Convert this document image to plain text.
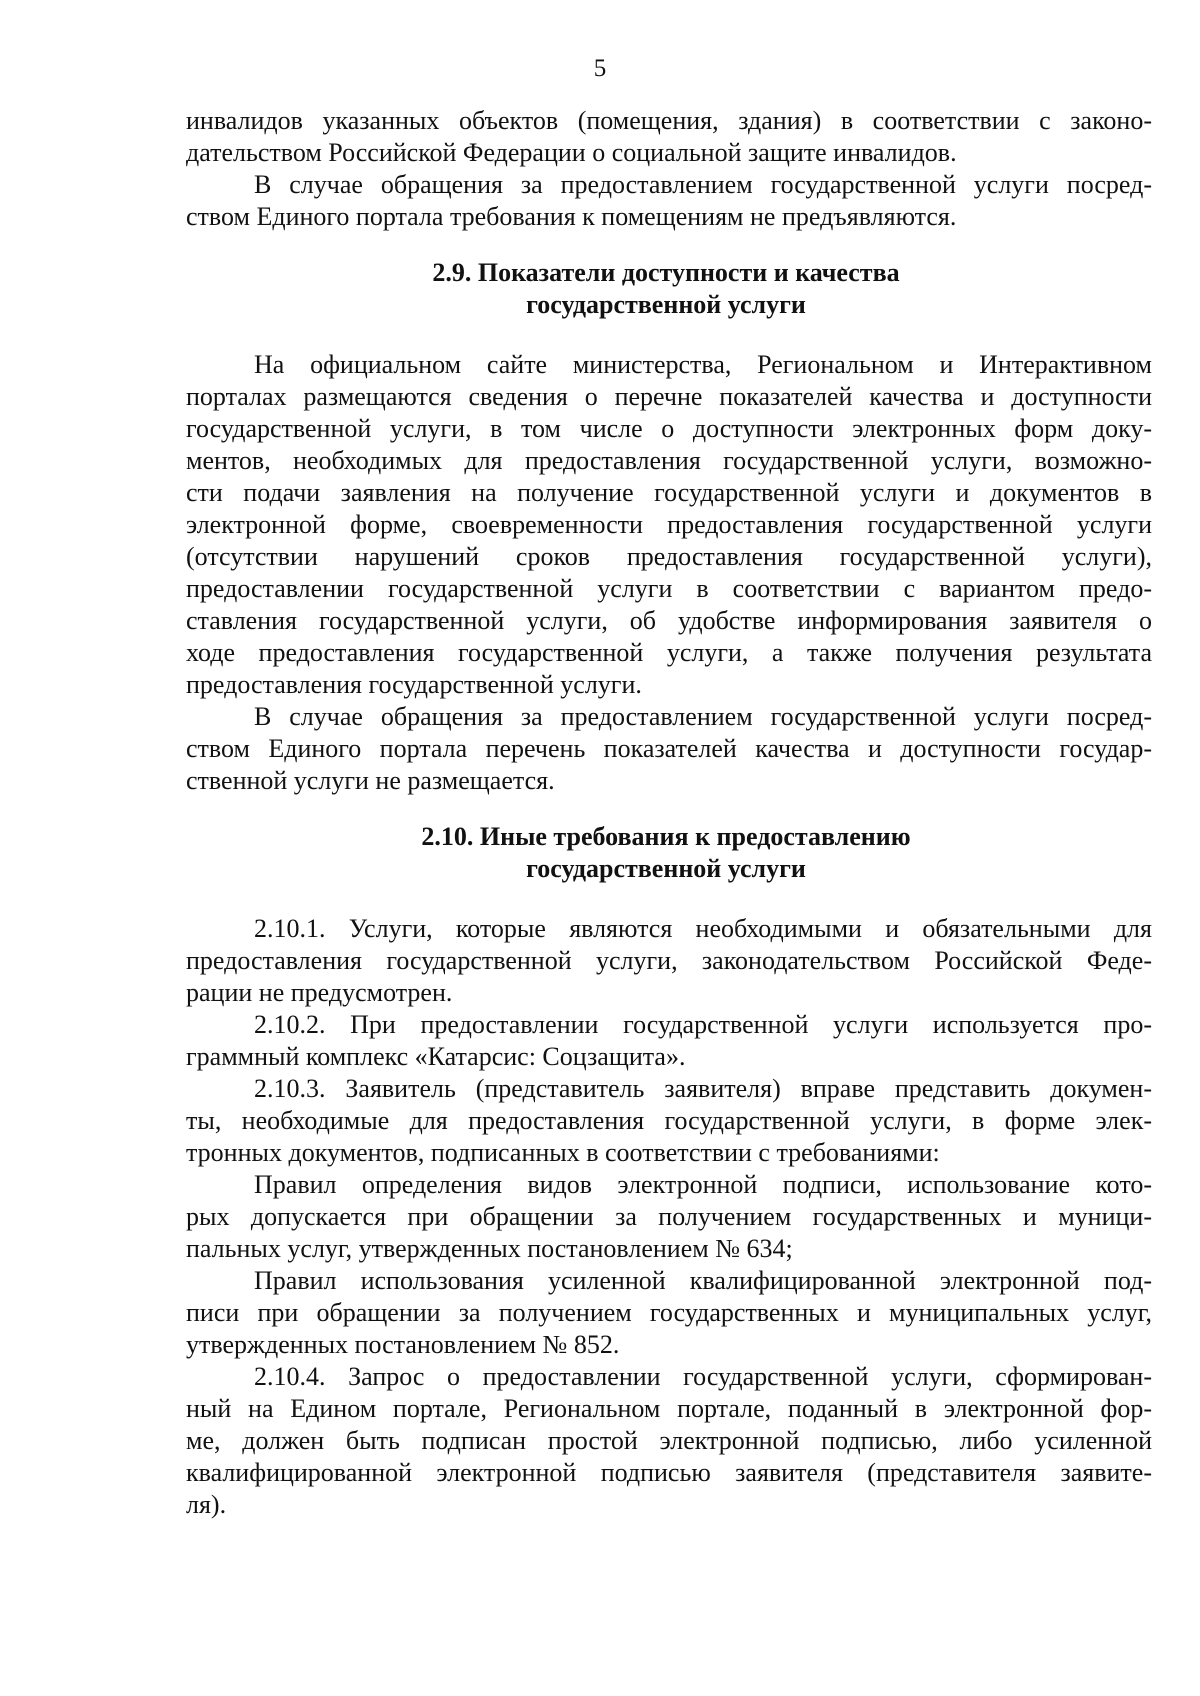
5
инвалидов указанных объектов (помещения, здания) в соответствии с законо-
дательством Российской Федерации о социальной защите инвалидов.
В случае обращения за предоставлением государственной услуги посред-
ством Единого портала требования к помещениям не предъявляются.
2.9. Показатели доступности и качества
государственной услуги
На официальном сайте министерства, Региональном и Интерактивном
порталах размещаются сведения о перечне показателей качества и доступности
государственной услуги, в том числе о доступности электронных форм доку-
ментов, необходимых для предоставления государственной услуги, возможно-
сти подачи заявления на получение государственной услуги и документов в
электронной форме, своевременности предоставления государственной услуги
(отсутствии нарушений сроков предоставления государственной услуги),
предоставлении государственной услуги в соответствии с вариантом предо-
ставления государственной услуги, об удобстве информирования заявителя о
ходе предоставления государственной услуги, а также получения результата
предоставления государственной услуги.
В случае обращения за предоставлением государственной услуги посред-
ством Единого портала перечень показателей качества и доступности государ-
ственной услуги не размещается.
2.10. Иные требования к предоставлению
государственной услуги
2.10.1. Услуги, которые являются необходимыми и обязательными для
предоставления государственной услуги, законодательством Российской Феде-
рации не предусмотрен.
2.10.2. При предоставлении государственной услуги используется про-
граммный комплекс «Катарсис: Соцзащита».
2.10.3. Заявитель (представитель заявителя) вправе представить докумен-
ты, необходимые для предоставления государственной услуги, в форме элек-
тронных документов, подписанных в соответствии с требованиями:
Правил определения видов электронной подписи, использование кото-
рых допускается при обращении за получением государственных и муници-
пальных услуг, утвержденных постановлением № 634;
Правил использования усиленной квалифицированной электронной под-
писи при обращении за получением государственных и муниципальных услуг,
утвержденных постановлением № 852.
2.10.4. Запрос о предоставлении государственной услуги, сформирован-
ный на Едином портале, Региональном портале, поданный в электронной фор-
ме, должен быть подписан простой электронной подписью, либо усиленной
квалифицированной электронной подписью заявителя (представителя заявите-
ля).
